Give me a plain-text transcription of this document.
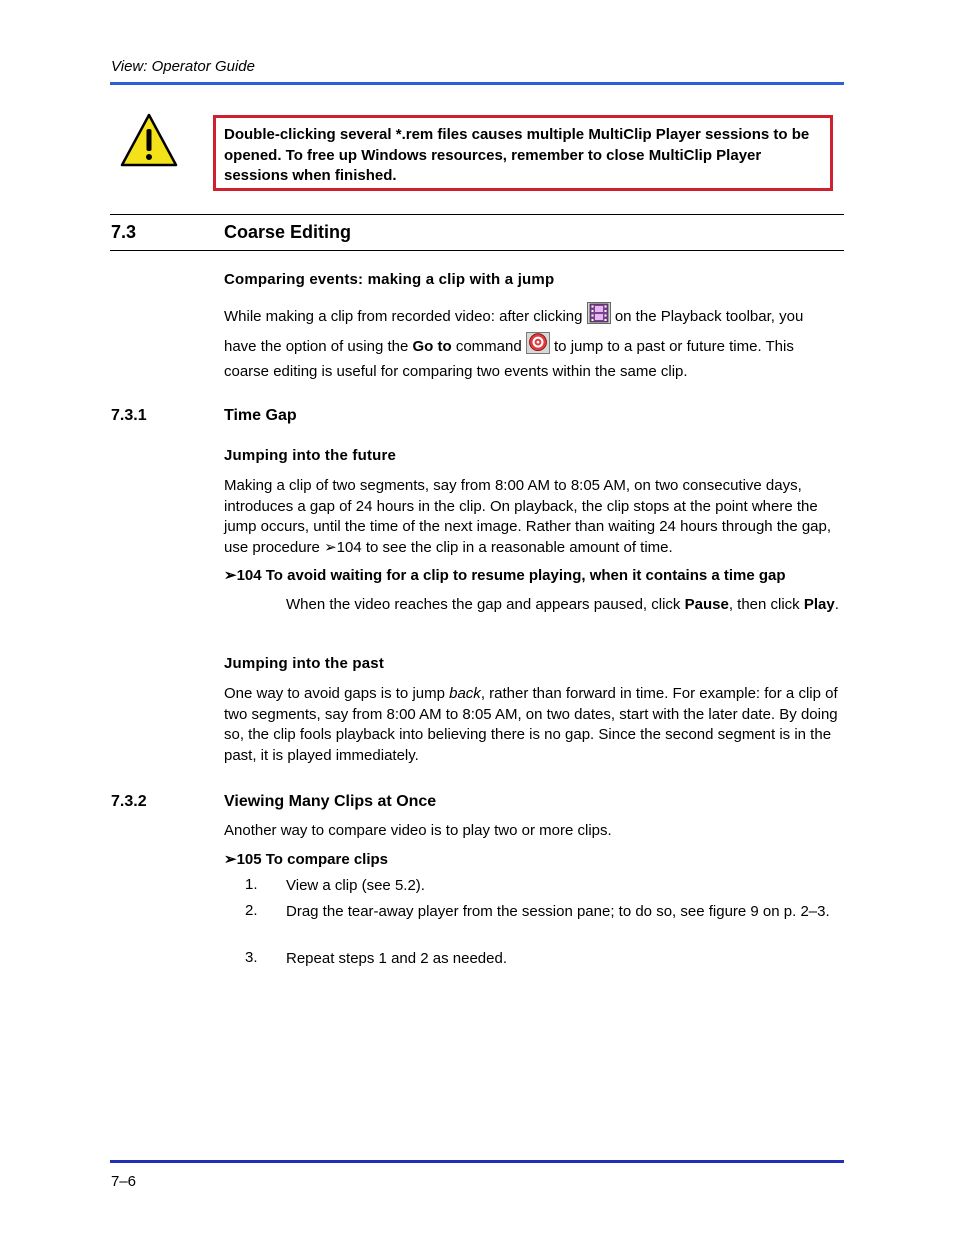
View: Operator Guide
Double-clicking several *.rem files causes multiple MultiClip Player sessions to be opened. To free up Windows resources, remember to close MultiClip Player sessions when finished.
7.3	Coarse Editing
Comparing events: making a clip with a jump
While making a clip from recorded video: after clicking on the Playback toolbar, you
have the option of using the Go to command to jump to a past or future time. This
coarse editing is useful for comparing two events within the same clip.
7.3.1	Time Gap
Jumping into the future
Making a clip of two segments, say from 8:00 AM to 8:05 AM, on two consecutive days, introduces a gap of 24 hours in the clip. On playback, the clip stops at the point where the jump occurs, until the time of the next image. Rather than waiting 24 hours through the gap, use procedure ➢104 to see the clip in a reasonable amount of time.
➢104 To avoid waiting for a clip to resume playing, when it contains a time gap
When the video reaches the gap and appears paused, click Pause, then click Play.
Jumping into the past
One way to avoid gaps is to jump back, rather than forward in time. For example: for a clip of two segments, say from 8:00 AM to 8:05 AM, on two dates, start with the later date. By doing so, the clip fools playback into believing there is no gap. Since the second segment is in the past, it is played immediately.
7.3.2	Viewing Many Clips at Once
Another way to compare video is to play two or more clips.
➢105 To compare clips
1. View a clip (see 5.2).
2. Drag the tear-away player from the session pane; to do so, see figure 9 on p. 2–3.
3. Repeat steps 1 and 2 as needed.
7–6
